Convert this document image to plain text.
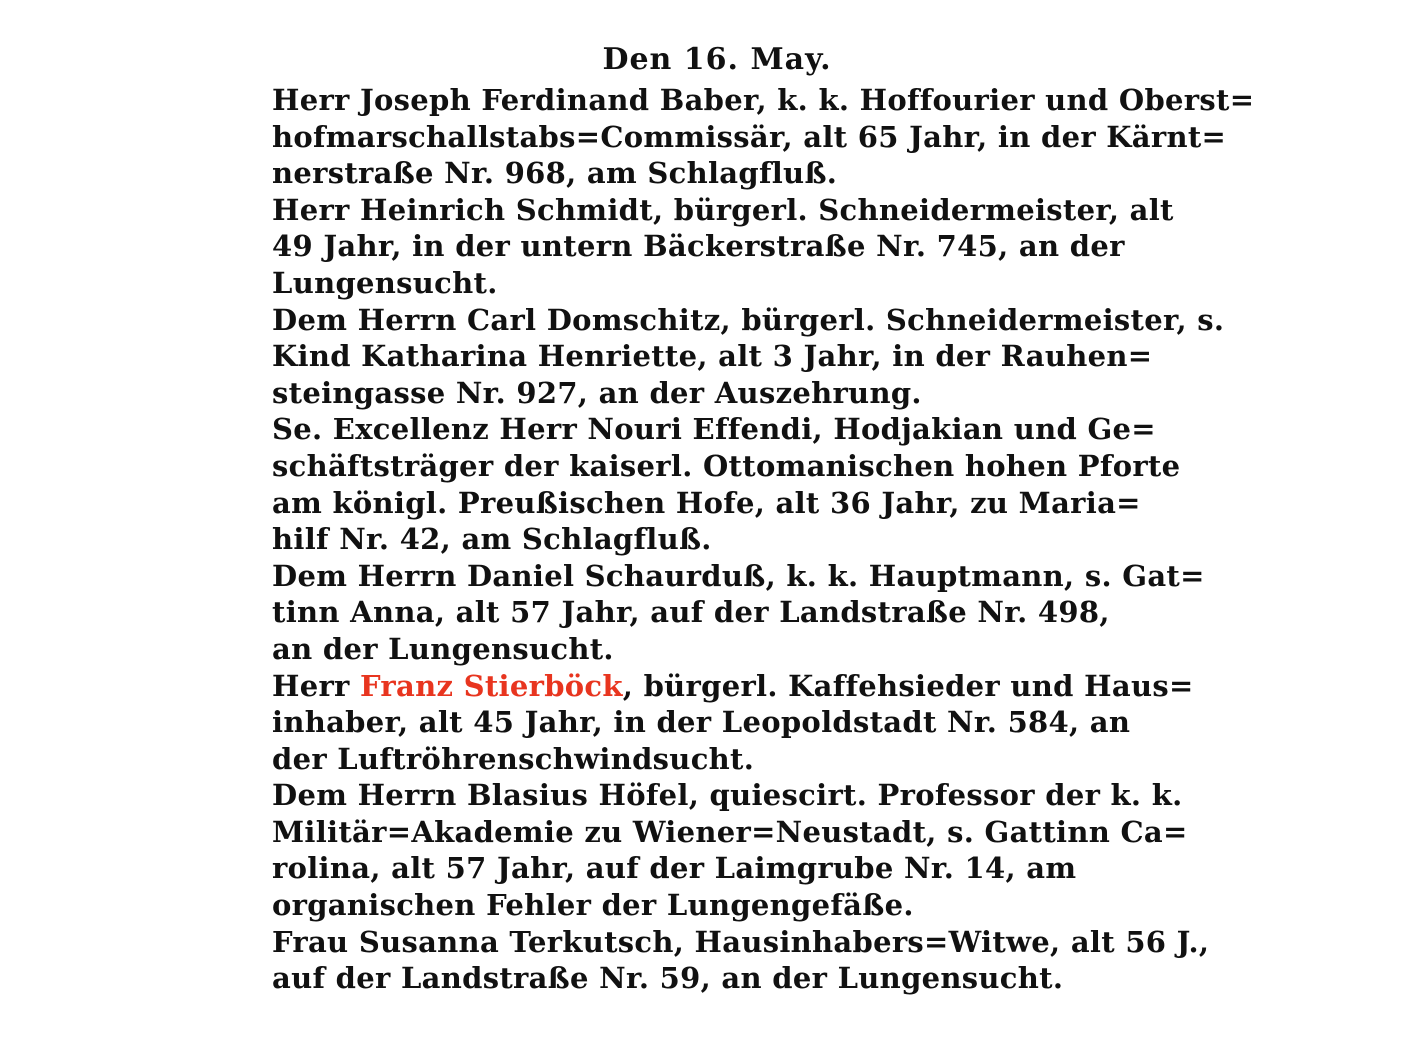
Den 16. May.
Herr Joseph Ferdinand Baber, k. k. Hoffourier und Oberst=
hofmarschallstabs=Commissär, alt 65 Jahr, in der Kärnt=
nerstraße Nr. 968, am Schlagfluß.
Herr Heinrich Schmidt, bürgerl. Schneidermeister, alt
49 Jahr, in der untern Bäckerstraße Nr. 745, an der
Lungensucht.
Dem Herrn Carl Domschitz, bürgerl. Schneidermeister, s.
Kind Katharina Henriette, alt 3 Jahr, in der Rauhen=
steingasse Nr. 927, an der Auszehrung.
Se. Excellenz Herr Nouri Effendi, Hodjakian und Ge=
schäftsträger der kaiserl. Ottomanischen hohen Pforte
am königl. Preußischen Hofe, alt 36 Jahr, zu Maria=
hilf Nr. 42, am Schlagfluß.
Dem Herrn Daniel Schaurduß, k. k. Hauptmann, s. Gat=
tinn Anna, alt 57 Jahr, auf der Landstraße Nr. 498,
an der Lungensucht.
Herr Franz Stierböck, bürgerl. Kaffehsieder und Haus=
inhaber, alt 45 Jahr, in der Leopoldstadt Nr. 584, an
der Luftröhrenschwindsucht.
Dem Herrn Blasius Höfel, quiescirt. Professor der k. k.
Militär=Akademie zu Wiener=Neustadt, s. Gattinn Ca=
rolina, alt 57 Jahr, auf der Laimgrube Nr. 14, am
organischen Fehler der Lungengefäße.
Frau Susanna Terkutsch, Hausinhabers=Witwe, alt 56 J.,
auf der Landstraße Nr. 59, an der Lungensucht.
